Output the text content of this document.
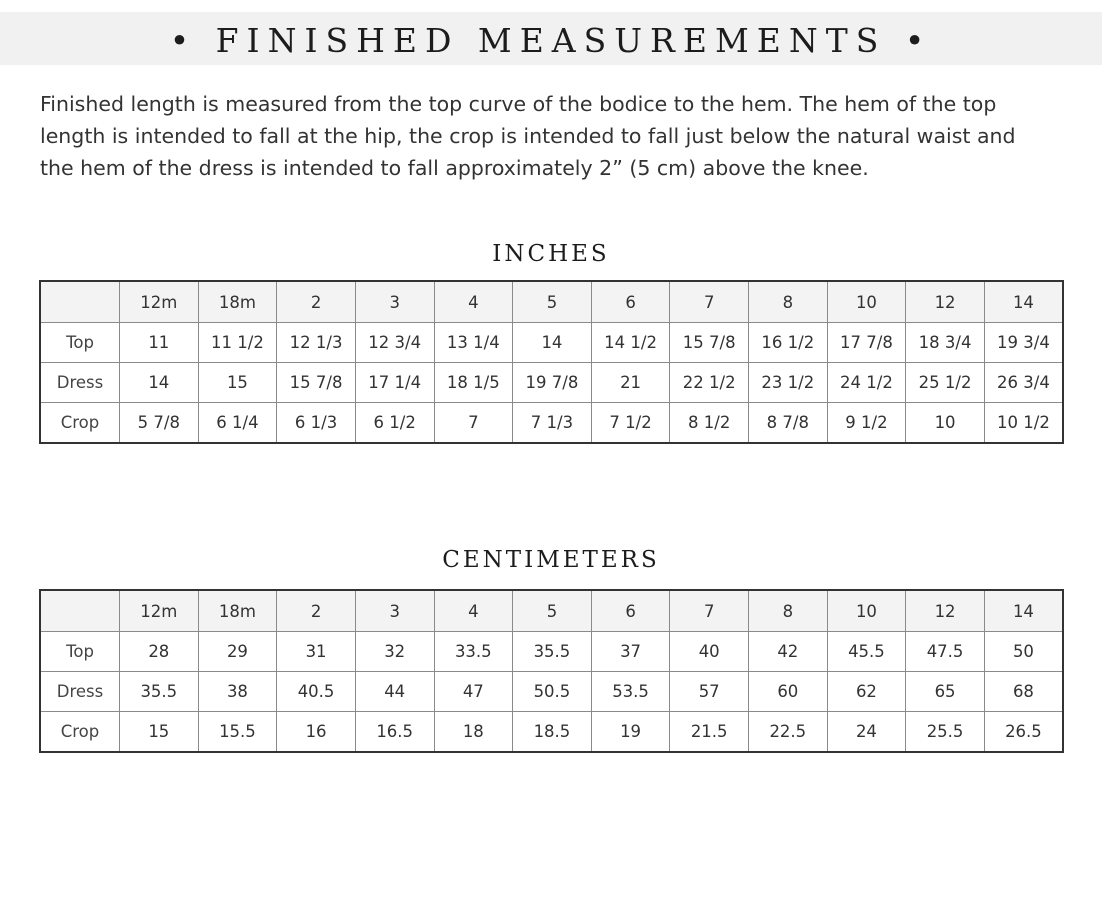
• FINISHED MEASUREMENTS •
Finished length is measured from the top curve of the bodice to the hem. The hem of the top
length is intended to fall at the hip, the crop is intended to fall just below the natural waist and
the hem of the dress is intended to fall approximately 2” (5 cm) above the knee.
INCHES
	12m	18m	2	3	4	5	6	7	8	10	12	14
Top	11	11 1/2	12 1/3	12 3/4	13 1/4	14	14 1/2	15 7/8	16 1/2	17 7/8	18 3/4	19 3/4
Dress	14	15	15 7/8	17 1/4	18 1/5	19 7/8	21	22 1/2	23 1/2	24 1/2	25 1/2	26 3/4
Crop	5 7/8	6 1/4	6 1/3	6 1/2	7	7 1/3	7 1/2	8 1/2	8 7/8	9 1/2	10	10 1/2
CENTIMETERS
	12m	18m	2	3	4	5	6	7	8	10	12	14
Top	28	29	31	32	33.5	35.5	37	40	42	45.5	47.5	50
Dress	35.5	38	40.5	44	47	50.5	53.5	57	60	62	65	68
Crop	15	15.5	16	16.5	18	18.5	19	21.5	22.5	24	25.5	26.5
